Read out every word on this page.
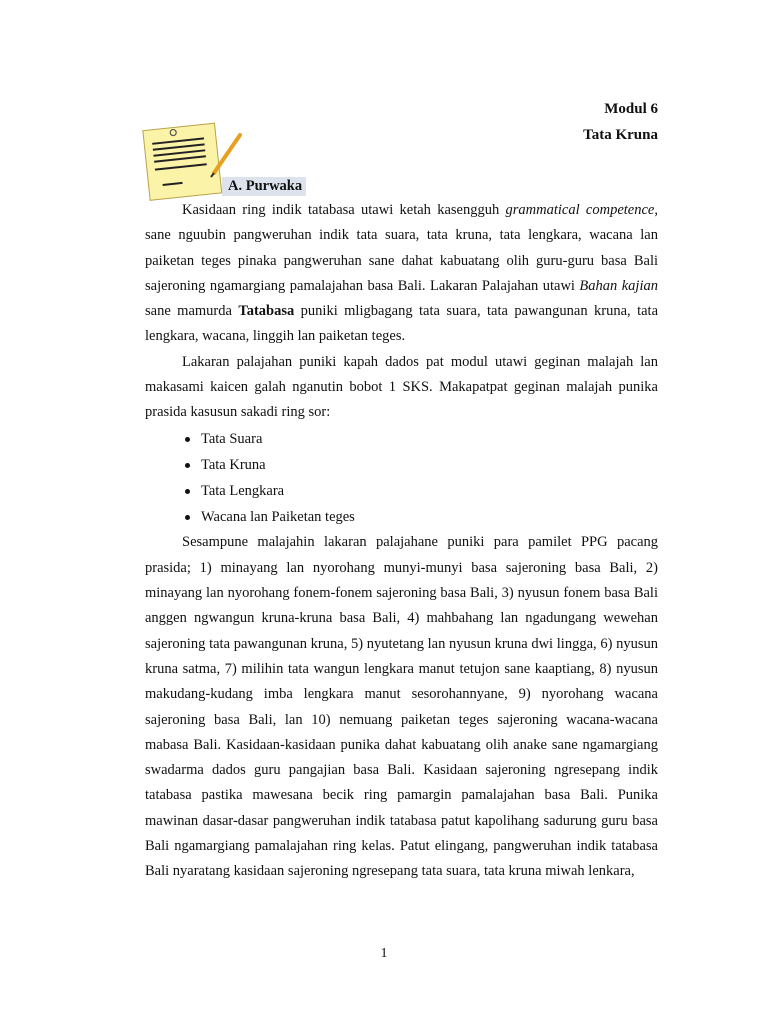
Modul 6
Tata Kruna
A. Purwaka

Kasidaan ring indik tatabasa utawi ketah kasengguh grammatical competence, sane nguubin pangweruhan indik tata suara, tata kruna, tata lengkara, wacana lan paiketan teges pinaka pangweruhan sane dahat kabuatang olih guru-guru basa Bali sajeroning ngamargiang pamalajahan basa Bali. Lakaran Palajahan utawi Bahan kajian sane mamurda Tatabasa puniki mligbagang tata suara, tata pawangunan kruna, tata lengkara, wacana, linggih lan paiketan teges.

Lakaran palajahan puniki kapah dados pat modul utawi geginan malajah lan makasami kaicen galah nganutin bobot 1 SKS. Makapatpat geginan malajah punika prasida kasusun sakadi ring sor:

Tata Suara
Tata Kruna
Tata Lengkara
Wacana lan Paiketan teges

Sesampune malajahin lakaran palajahane puniki para pamilet PPG pacang prasida; 1) minayang lan nyorohang munyi-munyi basa sajeroning basa Bali, 2) minayang lan nyorohang fonem-fonem sajeroning basa Bali, 3) nyusun fonem basa Bali anggen ngwangun kruna-kruna basa Bali, 4) mahbahang lan ngadungang wewehan sajeroning tata pawangunan kruna, 5) nyutetang lan nyusun kruna dwi lingga, 6) nyusun kruna satma, 7) milihin tata wangun lengkara manut tetujon sane kaaptiang, 8) nyusun makudang-kudang imba lengkara manut sesorohannyane, 9) nyorohang wacana sajeroning basa Bali, lan 10) nemuang paiketan teges sajeroning wacana-wacana mabasa Bali. Kasidaan-kasidaan punika dahat kabuatang olih anake sane ngamargiang swadarma dados guru pangajian basa Bali. Kasidaan sajeroning ngresepang indik tatabasa pastika mawesana becik ring pamargin pamalajahan basa Bali. Punika mawinan dasar-dasar pangweruhan indik tatabasa patut kapolihang sadurung guru basa Bali ngamargiang pamalajahan ring kelas. Patut elingang, pangweruhan indik tatabasa Bali nyaratang kasidaan sajeroning ngresepang tata suara, tata kruna miwah lenkara,

1
